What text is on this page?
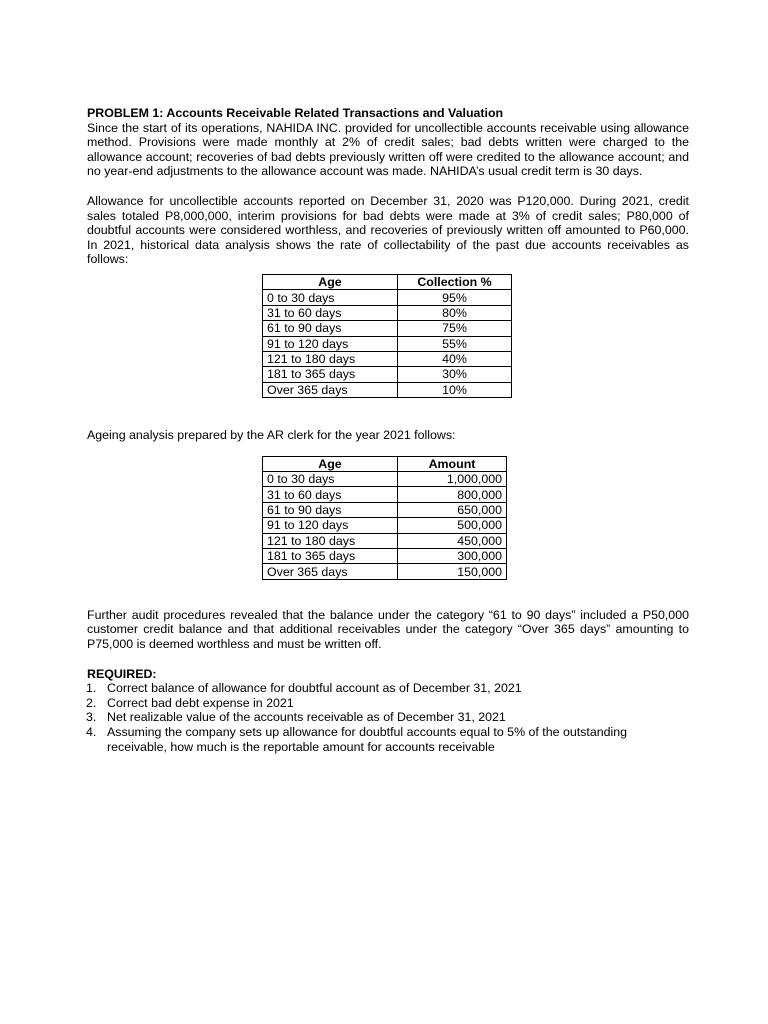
PROBLEM 1: Accounts Receivable Related Transactions and Valuation

Since the start of its operations, NAHIDA INC. provided for uncollectible accounts receivable using allowance method. Provisions were made monthly at 2% of credit sales; bad debts written were charged to the allowance account; recoveries of bad debts previously written off were credited to the allowance account; and no year-end adjustments to the allowance account was made. NAHIDA’s usual credit term is 30 days.

Allowance for uncollectible accounts reported on December 31, 2020 was P120,000. During 2021, credit sales totaled P8,000,000, interim provisions for bad debts were made at 3% of credit sales; P80,000 of doubtful accounts were considered worthless, and recoveries of previously written off amounted to P60,000. In 2021, historical data analysis shows the rate of collectability of the past due accounts receivables as follows:

Age	Collection %
0 to 30 days	95%
31 to 60 days	80%
61 to 90 days	75%
91 to 120 days	55%
121 to 180 days	40%
181 to 365 days	30%
Over 365 days	10%

Ageing analysis prepared by the AR clerk for the year 2021 follows:

Age	Amount
0 to 30 days	1,000,000
31 to 60 days	800,000
61 to 90 days	650,000
91 to 120 days	500,000
121 to 180 days	450,000
181 to 365 days	300,000
Over 365 days	150,000

Further audit procedures revealed that the balance under the category “61 to 90 days” included a P50,000 customer credit balance and that additional receivables under the category “Over 365 days” amounting to P75,000 is deemed worthless and must be written off.

REQUIRED:

1. Correct balance of allowance for doubtful account as of December 31, 2021
2. Correct bad debt expense in 2021
3. Net realizable value of the accounts receivable as of December 31, 2021
4. Assuming the company sets up allowance for doubtful accounts equal to 5% of the outstanding receivable, how much is the reportable amount for accounts receivable
